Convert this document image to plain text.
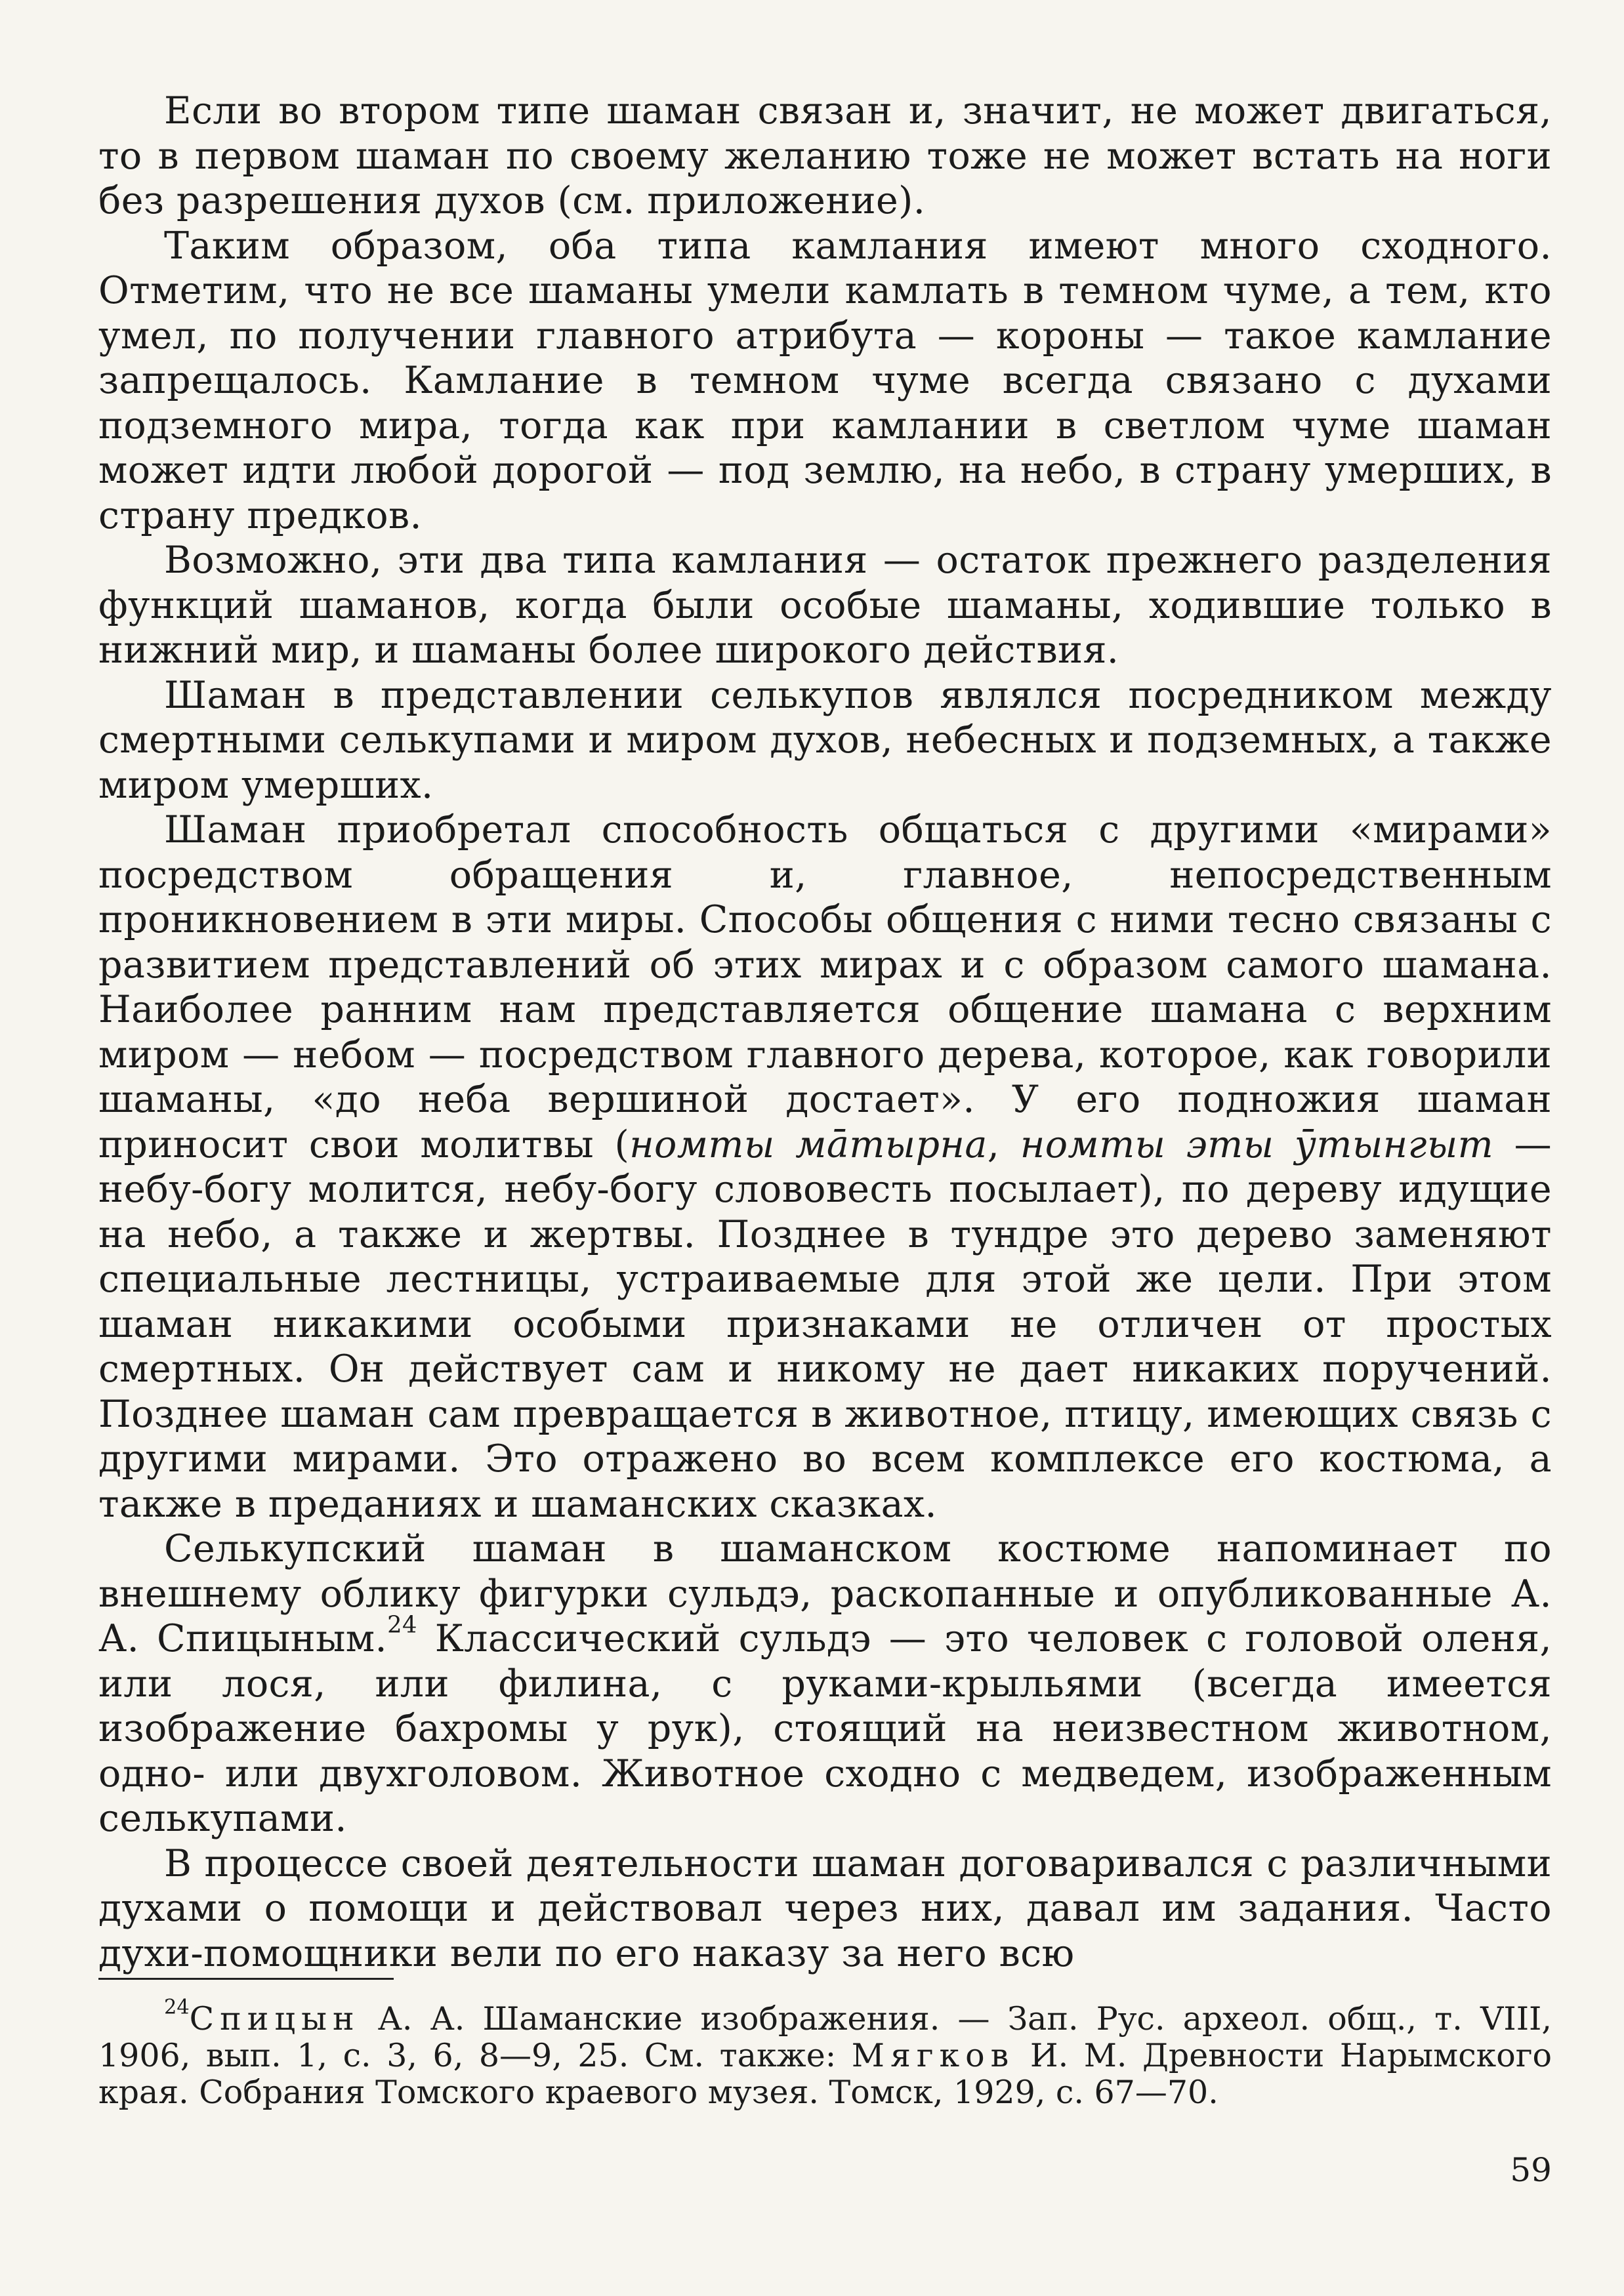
Если во втором типе шаман связан и, значит, не может двигаться, то в первом шаман по своему желанию тоже не может встать на ноги без разрешения духов (см. приложение).

Таким образом, оба типа камлания имеют много сходного. Отметим, что не все шаманы умели камлать в темном чуме, а тем, кто умел, по получении главного атрибута — короны — такое камлание запрещалось. Камлание в темном чуме всегда связано с духами подземного мира, тогда как при камлании в светлом чуме шаман может идти любой дорогой — под землю, на небо, в страну умерших, в страну предков.

Возможно, эти два типа камлания — остаток прежнего разделения функций шаманов, когда были особые шаманы, ходившие только в нижний мир, и шаманы более широкого действия.

Шаман в представлении селькупов являлся посредником между смертными селькупами и миром духов, небесных и подземных, а также миром умерших.

Шаман приобретал способность общаться с другими «мирами» посредством обращения и, главное, непосредственным проникновением в эти миры. Способы общения с ними тесно связаны с развитием представлений об этих мирах и с образом самого шамана. Наиболее ранним нам представляется общение шамана с верхним миром — небом — посредством главного дерева, которое, как говорили шаманы, «до неба вершиной достает». У его подножия шаман приносит свои молитвы (номты мāтырна, номты эты ӯтынгыт — небу-богу молится, небу-богу слововесть посылает), по дереву идущие на небо, а также и жертвы. Позднее в тундре это дерево заменяют специальные лестницы, устраиваемые для этой же цели. При этом шаман никакими особыми признаками не отличен от простых смертных. Он действует сам и никому не дает никаких поручений. Позднее шаман сам превращается в животное, птицу, имеющих связь с другими мирами. Это отражено во всем комплексе его костюма, а также в преданиях и шаманских сказках.

Селькупский шаман в шаманском костюме напоминает по внешнему облику фигурки сульдэ, раскопанные и опубликованные А. А. Спицыным.$^{24}$ Классический сульдэ — это человек с головой оленя, или лося, или филина, с руками-крыльями (всегда имеется изображение бахромы у рук), стоящий на неизвестном животном, одно- или двухголовом. Животное сходно с медведем, изображенным селькупами.

В процессе своей деятельности шаман договаривался с различными духами о помощи и действовал через них, давал им задания. Часто духи-помощники вели по его наказу за него всю

$^{24}$Спицын А. А. Шаманские изображения. — Зап. Рус. археол. общ., т. VIII, 1906, вып. 1, с. 3, 6, 8—9, 25. См. также: Мягков И. М. Древности Нарымского края. Собрания Томского краевого музея. Томск, 1929, с. 67—70.

59
